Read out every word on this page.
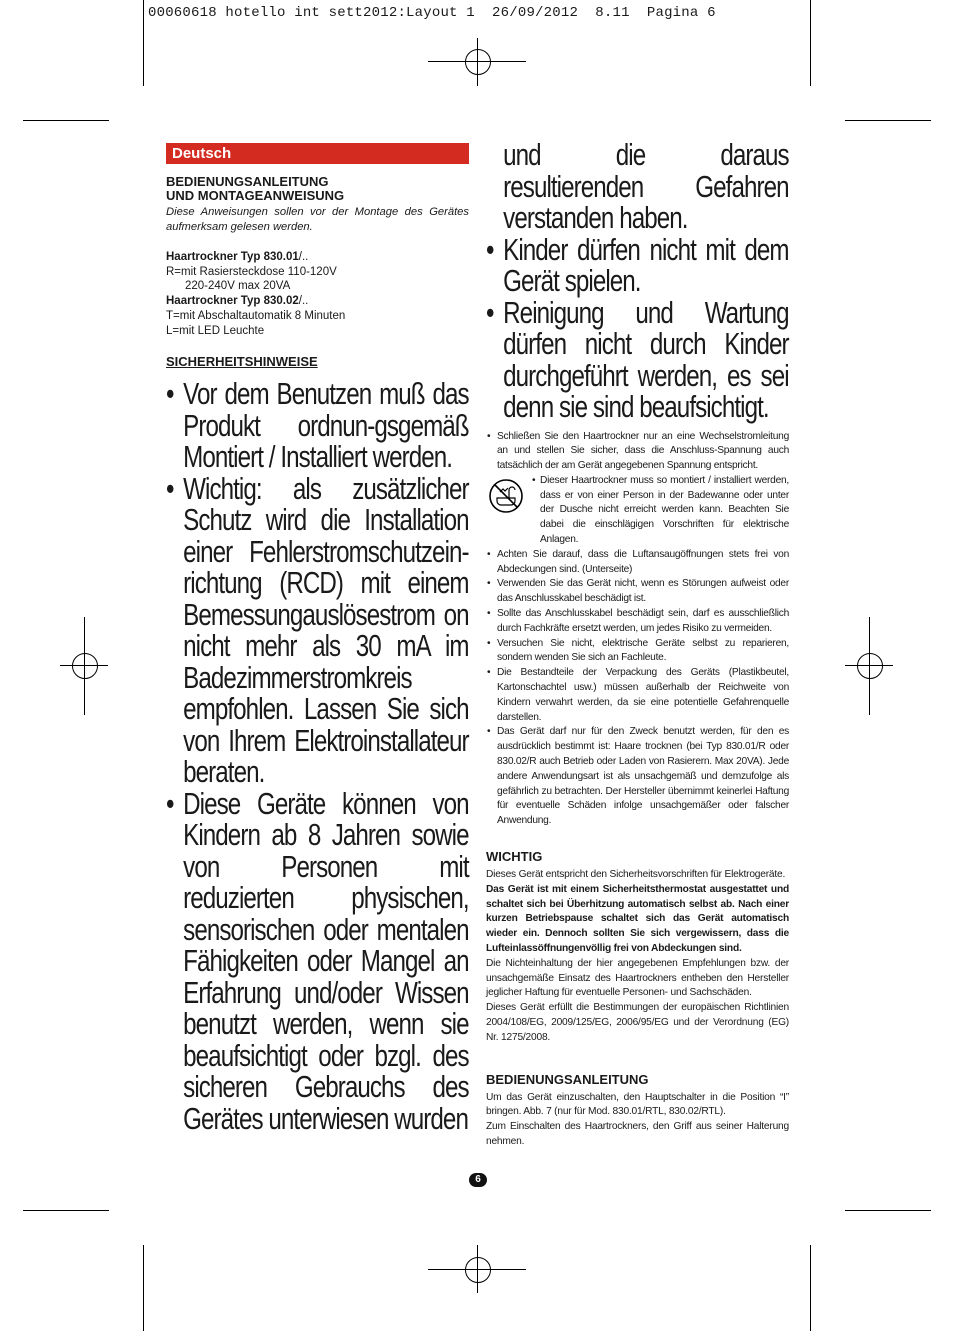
00060618 hotello int sett2012:Layout 1  26/09/2012  8.11  Pagina 6
Deutsch

BEDIENUNGSANLEITUNG

UND MONTAGEANWEISUNG

Diese Anweisungen sollen vor der Montage des Gerätes aufmerksam gelesen werden.

Haartrockner Typ 830.01/..

R=mit Rasiersteckdose 110-120V

220-240V max 20VA

Haartrockner Typ 830.02/..

T=mit Abschaltautomatik 8 Minuten

L=mit LED Leuchte

SICHERHEITSHINWEISE

• Vor dem Benutzen muß das Produkt ordnun-gsgemäß Montiert / Installiert werden.

• Wichtig: als zusätzlicher Schutz wird die Installation einer Fehlerstromschutzein-richtung (RCD) mit einem Bemessungauslösestrom on nicht mehr als 30 mA im Badezimmerstromkreis empfohlen. Lassen Sie sich von Ihrem Elektroinstallateur beraten.

• Diese Geräte können von Kindern ab 8 Jahren sowie von Personen mit reduzierten physischen, sensorischen oder mentalen Fähigkeiten oder Mangel an Erfahrung und/oder Wissen benutzt werden, wenn sie beaufsichtigt oder bzgl. des sicheren Gebrauchs des Gerätes unterwiesen wurden

und die daraus resultierenden Gefahren verstanden haben.

• Kinder dürfen nicht mit dem Gerät spielen.

• Reinigung und Wartung dürfen nicht durch Kinder durchgeführt werden, es sei denn sie sind beaufsichtigt.

• Schließen Sie den Haartrockner nur an eine Wechselstromleitung an und stellen Sie sicher, dass die Anschluss-Spannung auch tatsächlich der am Gerät angegebenen Spannung entspricht.

• Dieser Haartrockner muss so montiert / installiert werden, dass er von einer Person in der Badewanne oder unter der Dusche nicht erreicht werden kann. Beachten Sie dabei die einschlägigen Vorschriften für elektrische Anlagen.

• Achten Sie darauf, dass die Luftansaugöffnungen stets frei von Abdeckungen sind. (Unterseite)

• Verwenden Sie das Gerät nicht, wenn es Störungen aufweist oder das Anschlusskabel beschädigt ist.

• Sollte das Anschlusskabel beschädigt sein, darf es ausschließlich durch Fachkräfte ersetzt werden, um jedes Risiko zu vermeiden.

• Versuchen Sie nicht, elektrische Geräte selbst zu reparieren, sondern wenden Sie sich an Fachleute.

• Die Bestandteile der Verpackung des Geräts (Plastikbeutel, Kartonschachtel usw.) müssen außerhalb der Reichweite von Kindern verwahrt werden, da sie eine potentielle Gefahrenquelle darstellen.

• Das Gerät darf nur für den Zweck benutzt werden, für den es ausdrücklich bestimmt ist: Haare trocknen (bei Typ 830.01/R oder 830.02/R auch Betrieb oder Laden von Rasierern. Max 20VA). Jede andere Anwendungsart ist als unsachgemäß und demzufolge als gefährlich zu betrachten. Der Hersteller übernimmt keinerlei Haftung für eventuelle Schäden infolge unsachgemäßer oder falscher Anwendung.

WICHTIG

Dieses Gerät entspricht den Sicherheitsvorschriften für Elektrogeräte.

Das Gerät ist mit einem Sicherheitsthermostat ausgestattet und schaltet sich bei Überhitzung automatisch selbst ab. Nach einer kurzen Betriebspause schaltet sich das Gerät automatisch wieder ein. Dennoch sollten Sie sich vergewissern, dass die Lufteinlassöffnungenvöllig frei von Abdeckungen sind.

Die Nichteinhaltung der hier angegebenen Empfehlungen bzw. der unsachgemäße Einsatz des Haartrockners entheben den Hersteller jeglicher Haftung für eventuelle Personen- und Sachschäden.

Dieses Gerät erfüllt die Bestimmungen der europäischen Richtlinien 2004/108/EG, 2009/125/EG, 2006/95/EG und der Verordnung (EG) Nr. 1275/2008.

BEDIENUNGSANLEITUNG

Um das Gerät einzuschalten, den Hauptschalter in die Position “I” bringen. Abb. 7 (nur für Mod. 830.01/RTL, 830.02/RTL).

Zum Einschalten des Haartrockners, den Griff aus seiner Halterung nehmen.

6
